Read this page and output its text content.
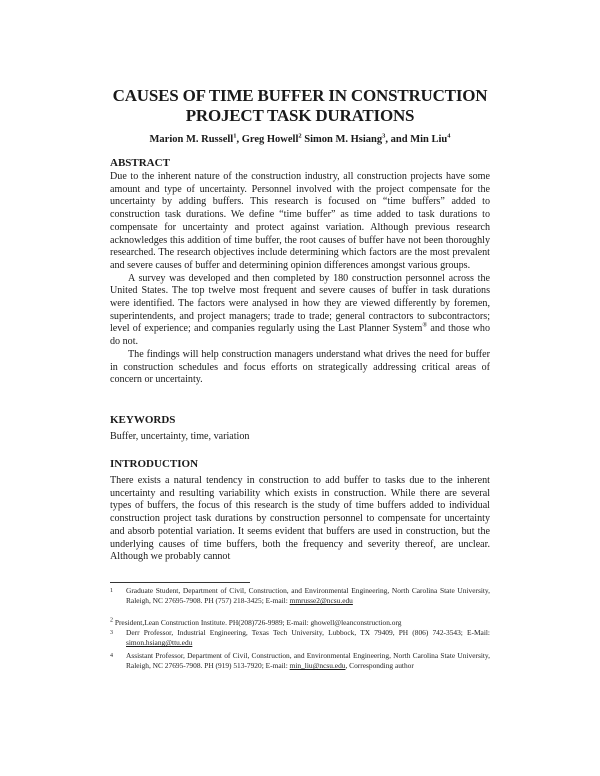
CAUSES OF TIME BUFFER IN CONSTRUCTION
PROJECT TASK DURATIONS
Marion M. Russell$^1$, Greg Howell$^2$ Simon M. Hsiang$^3$, and Min Liu$^4$
ABSTRACT

Due to the inherent nature of the construction industry, all construction projects have some amount and type of uncertainty. Personnel involved with the project compensate for the uncertainty by adding buffers. This research is focused on “time buffers” added to construction task durations. We define “time buffer” as time added to task durations to compensate for uncertainty and protect against variation. Although previous research acknowledges this addition of time buffer, the root causes of buffer have not been thoroughly researched. The research objectives include determining which factors are the most prevalent and severe causes of buffer and determining opinion differences amongst various groups.

A survey was developed and then completed by 180 construction personnel across the United States. The top twelve most frequent and severe causes of buffer in task durations were identified. The factors were analysed in how they are viewed differently by foremen, superintendents, and project managers; trade to trade; general contractors to subcontractors; level of experience; and companies regularly using the Last Planner System® and those who do not.

The findings will help construction managers understand what drives the need for buffer in construction schedules and focus efforts on strategically addressing critical areas of concern or uncertainty.

KEYWORDS
Buffer, uncertainty, time, variation
INTRODUCTION

There exists a natural tendency in construction to add buffer to tasks due to the inherent uncertainty and resulting variability which exists in construction. While there are several types of buffers, the focus of this research is the study of time buffers added to individual construction project task durations by construction personnel to compensate for uncertainty and absorb potential variation. It seems evident that buffers are used in construction, but the underlying causes of time buffers, both the frequency and severity thereof, are unclear. Although we probably cannot

1 Graduate Student, Department of Civil, Construction, and Environmental Engineering, North Carolina State University, Raleigh, NC 27695-7908. PH (757) 218-3425; E-mail: mmrusse2@ncsu.edu
$^2$ President,Lean Construction Institute. PH(208)726-9989; E-mail: ghowell@leanconstruction.org
3 Derr Professor, Industrial Engineering, Texas Tech University, Lubbock, TX 79409, PH (806) 742-3543; E-Mail: simon.hsiang@ttu.edu
4 Assistant Professor, Department of Civil, Construction, and Environmental Engineering, North Carolina State University, Raleigh, NC 27695-7908. PH (919) 513-7920; E-mail: min_liu@ncsu.edu, Corresponding author
